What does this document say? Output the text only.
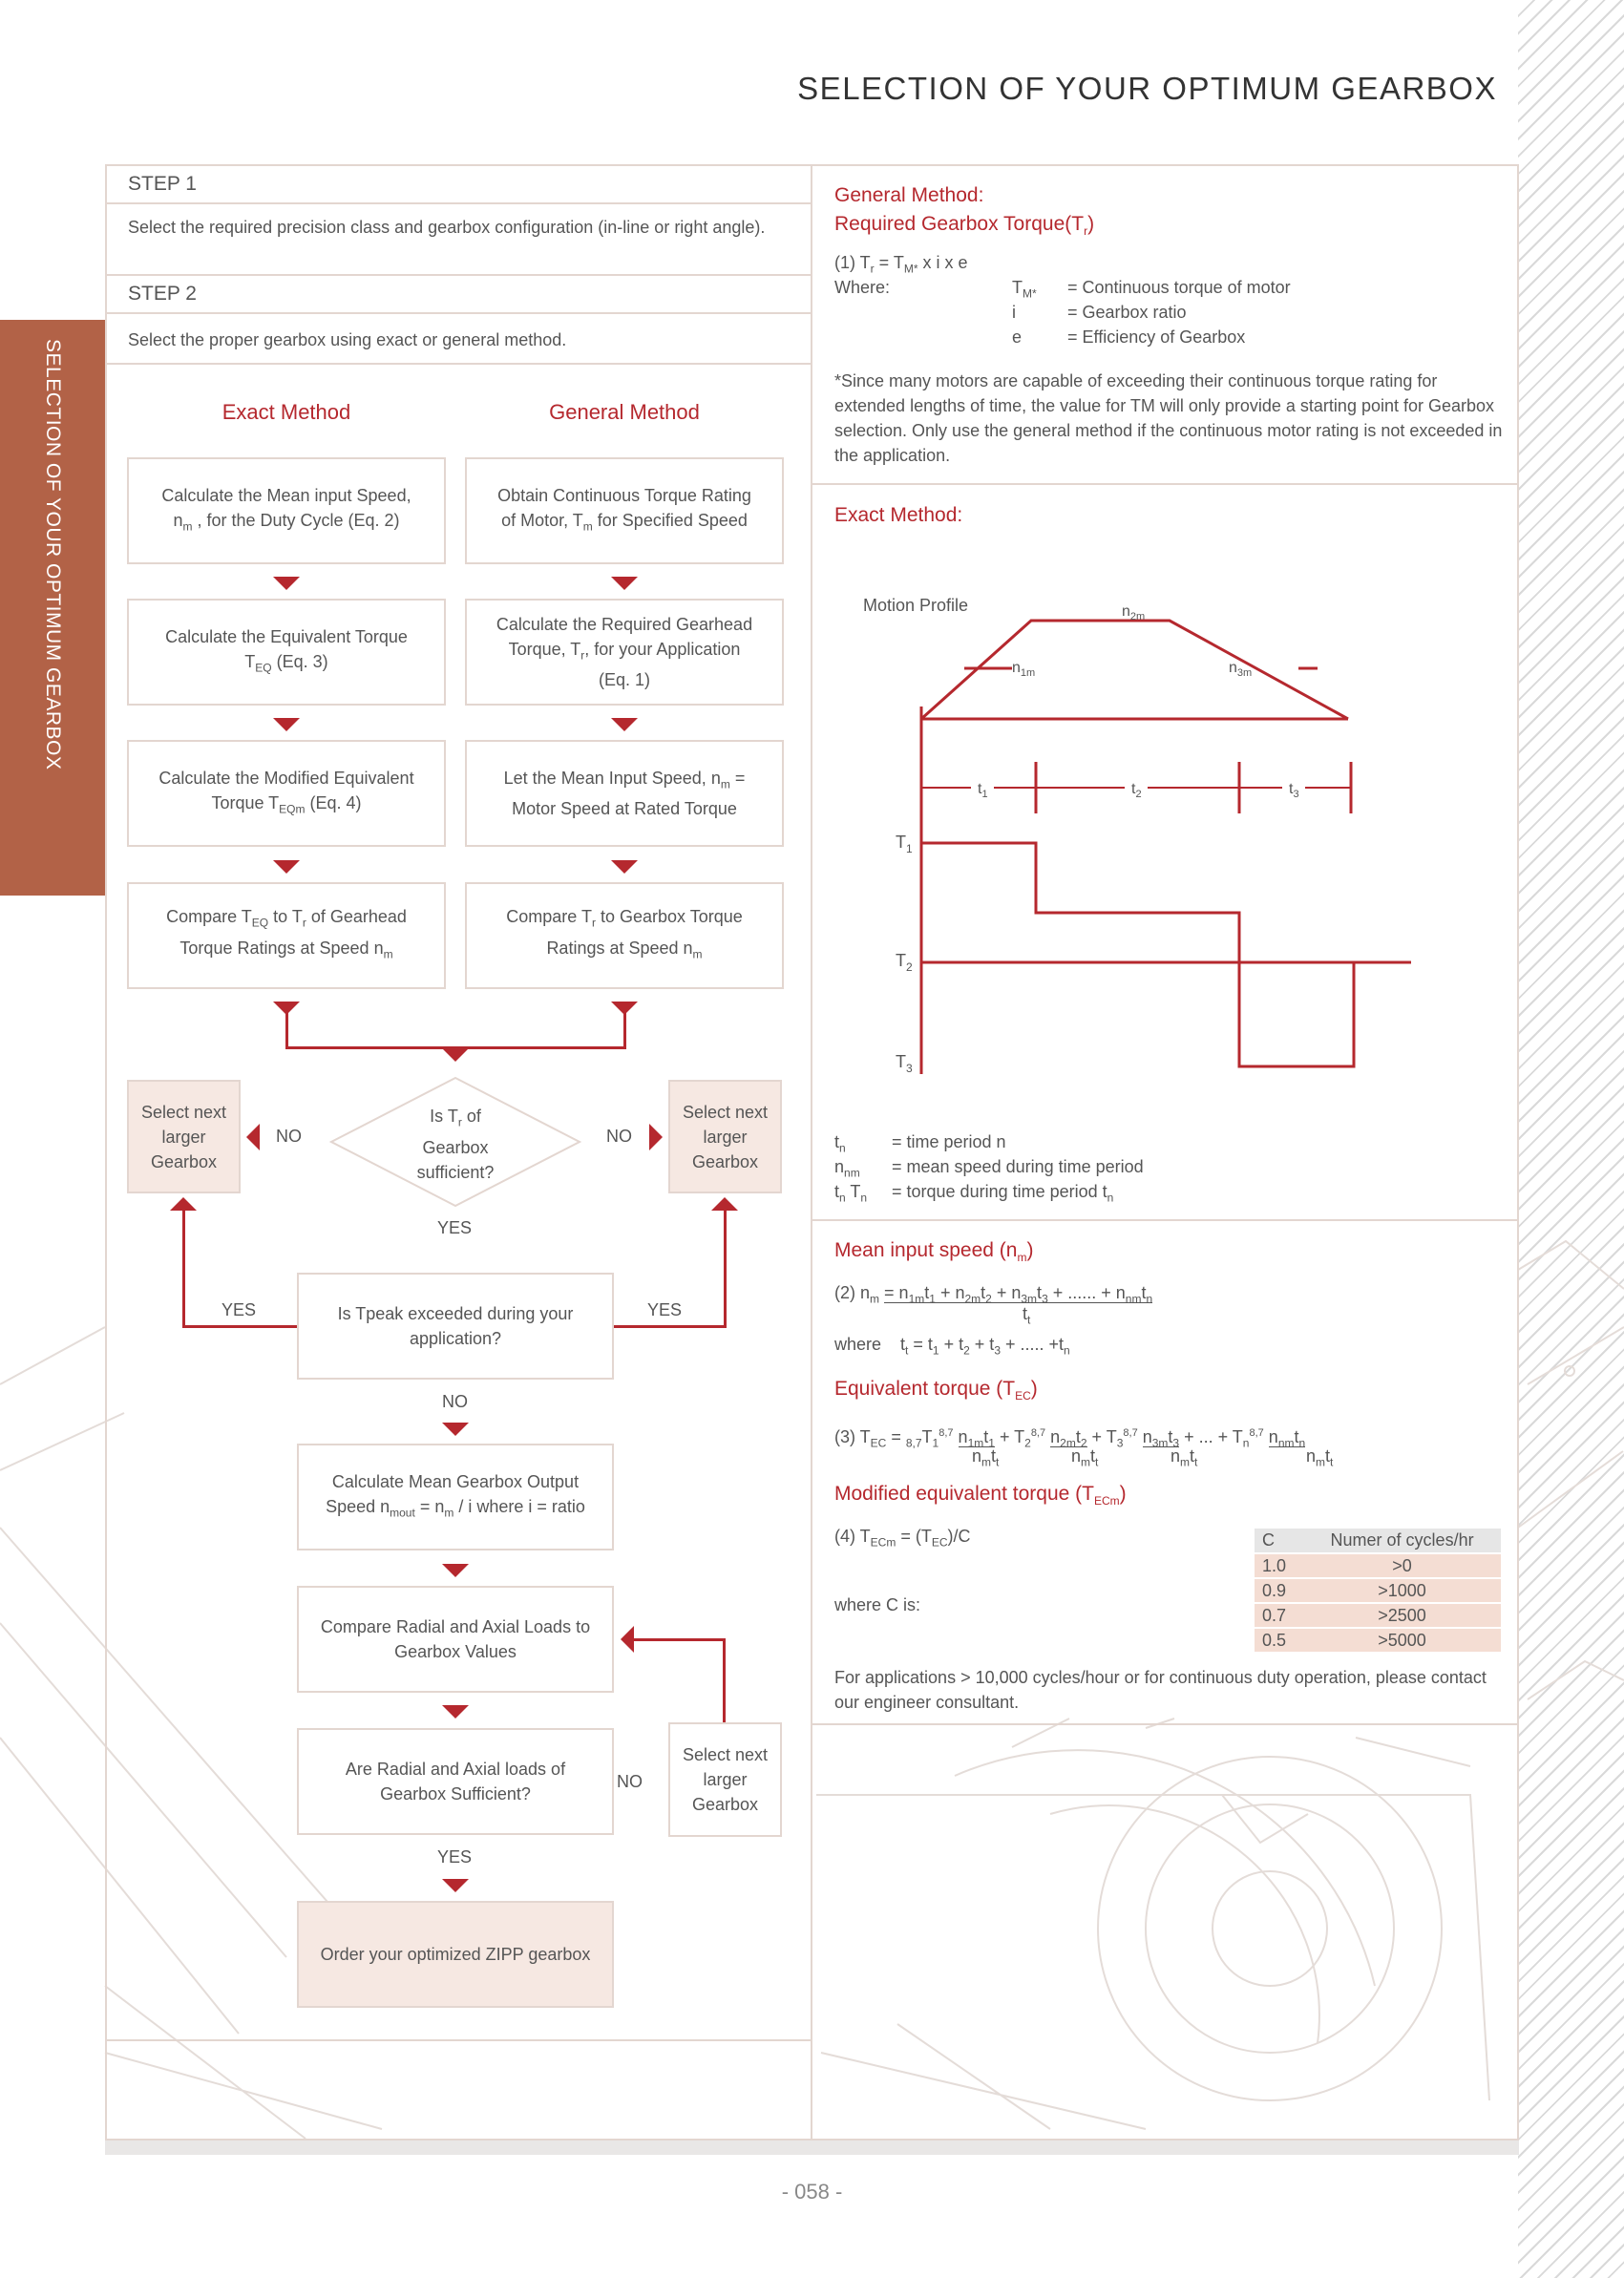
SELECTION OF YOUR OPTIMUM GEARBOX
SELECTION OF YOUR OPTIMUM GEARBOX
STEP 1
Select the required precision class and gearbox configuration (in-line or right angle).
STEP 2
Select the proper gearbox using exact or general method.
Exact Method	General Method
Calculate the Mean input Speed,
$n_m$ , for the Duty Cycle (Eq. 2)
Calculate the Equivalent Torque
$T_{EQ}$ (Eq. 3)
Calculate the Modified Equivalent
Torque $T_{EQm}$ (Eq. 4)
Compare $T_{EQ}$ to $T_r$ of Gearhead
Torque Ratings at Speed $n_m$
Obtain Continuous Torque Rating
of Motor, $T_m$ for Specified Speed
Calculate the Required Gearhead
Torque, $T_r$, for your Application
(Eq. 1)
Let the Mean Input Speed, $n_m$ =
Motor Speed at Rated Torque
Compare $T_r$ to Gearbox Torque
Ratings at Speed $n_m$
Is $T_r$ of
Gearbox
sufficient?
Select next larger Gearbox
Select next larger Gearbox
NO	NO
YES
Is Tpeak exceeded during your application?
YES	YES
NO
Calculate Mean Gearbox Output
Speed $n_{mout} = n_m / i$ where i = ratio
Compare Radial and Axial Loads to Gearbox Values
Are Radial and Axial loads of Gearbox Sufficient?
NO
Select next larger Gearbox
YES
Order your optimized ZIPP gearbox
General Method:
Required Gearbox $Torque(T_r)$
(1) $T_r = T_{M*}$ x i x e
Where:	$T_{M*}$ = Continuous torque of motor
i	= Gearbox ratio
e	= Efficiency of Gearbox
*Since many motors are capable of exceeding their continuous torque rating for extended lengths of time, the value for TM will only provide a starting point for Gearbox selection. Only use the general method if the continuous motor rating is not exceeded in the application.
Exact Method:
Motion Profile	$n_{2m}$
$n_{1m}$	$n_{3m}$
$t_1$	$t_2$	$t_3$
$T_1$
$T_2$
$T_3$
$t_n$	= time period n
$n_{nm}$ = mean speed during time period
$t_n$ $T_n$ = torque during time period $t_n$
Mean input speed $(n_m)$
(2) $n_m = n_{1m}t_1 + n_{2m}t_2 + n_{3m}t_3$ + ...... + $n_{nm}t_n$
$t_t$
where    $t_t = t_1 + t_2 + t_3$ + ..... $+t_n$
Equivalent torque $(T_{EC})$
(3) $T_{EC} = _{8,7}T_1^{8,7}$ $n_{1m}t_1 + T_2^{8,7}$ $n_{2m}t_2 + T_3^{8,7}$ $n_{3m}t_3$ + ... + $T_n^{8,7}$ $n_{nm}t_n$
$n_mt_t$	$n_mt_t$	$n_mt_t$	$n_mt_t$
Modified equivalent torque $(T_{ECm})$
(4) $T_{ECm} = (T_{EC})/C$
where C is:
C	Numer of cycles/hr
1.0	>0
0.9	>1000
0.7	>2500
0.5	>5000
For applications > 10,000 cycles/hour or for continuous duty operation, please contact our engineer consultant.
- 058 -
